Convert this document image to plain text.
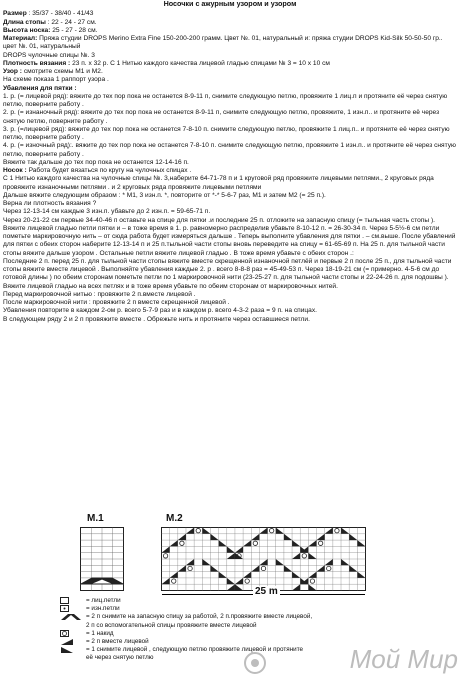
Носочки с ажурным узором и узором

Размер : 35/37 - 38/40 - 41/43

Длина стопы : 22 - 24 - 27 см.

Высота носка: 25 - 27 - 28 см.

Материал: Пряжа студии DROPS Merino Extra Fine 150-200-200 грамм. Цвет №. 01, натуральный и: пряжа студии DROPS Kid-Silk 50-50-50 гр.. цвет №. 01, натуральный

DROPS чулочные спицы №. 3

Плотность вязания : 23 п. х 32 р. С 1 Нитью каждого качества лицевой гладью спицами № 3 = 10 х 10 см

Узор : смотрите схемы М1 и М2.

На схеме показа 1 раппорт узора .

Убавления для пятки :

1. р. (= лицевой ряд): вяжите до тех пор пока не останется 8-9-11 п, снимите следующую петлю, провяжите 1 лиц.п и протяните её через снятую петлю, поверните работу .

2. р. (= изнаночный ряд): вяжите до тех пор пока не останется 8-9-11 п, снимите следующую петлю, провяжите, 1 изн.п.. и протяните её через снятую петлю, поверните работу .

3. р. (=лицевой ряд): вяжите до тех пор пока не останется 7-8-10 п. снимите следующую петлю, провяжите 1 лиц.п.. и протяните её через снятую петлю, поверните работу .

4. р. (= изночный ряд):. вяжите до тех пор пока не останется 7-8-10 п. снимите следующую петлю, провяжите 1 изн.п.. и протяните её через снятую петлю, поверните работу .

Вяжите так дальше до тех пор пока не останется 12-14-16 п.

Носок : Работа будет вязаться по кругу на чулочных спицах .

С 1 Нитью каждого качества на чулочные спицы №. 3,наберите 64-71-78 п и 1 круговой ряд провяжите лицевыми петлями., 2 круговых ряда провяжите изнаночными петлями . и 2 круговых ряда провяжите лицевыми петлями

Дальше вяжите следующим образом : * М1, 3 изн.п. *, повторите от *-* 5-6-7 раз, М1 и затем М2 (= 25 п.).

Верна ли плотность вязания ?

Через 12-13-14 см каждые 3 изн.п. убавьте до 2 изн.п. = 59-65-71 п.

Через 20-21-22 см первые 34-40-46 п оставьте на спице для пятки .и последние 25 п. отложите на запасную спицу (= тыльная часть стопы ).

Вяжите лицевой гладью петли пятки и – в тоже время в 1. р. равномерно распределив убавьте 8-10-12 п. = 26-30-34 п. Через 5-5½-6 см петли пометьте маркировочную нить – от сюда работа будет измеряться дальше . Теперь выполните убавления для пятки . – см.выше. После убавлений для пятки с обеих сторон наберите 12-13-14 п и 25 п.тыльной части стопы вновь переведите на спицу = 61-65-69 п. На 25 п. для тыльной части стопы вяжите дальше узором . Остальные петли вяжите лицевой гладью . В тоже время убавьте с обеих сторон .:

Последние 2 п. перед 25 п. для тыльной части стопы вяжите вместе скрещенной изнаночной петлёй и первые 2 п после 25 п., для тыльной части стопы вяжите вместе лицевой . Выполняйте убавления каждые 2. р . всего 8-8-8 раз = 45-49-53 п. Через 18-19-21 см (= примерно. 4-5-6 см до готовой длины ) по обеим сторонам пометьте петли по 1 маркировочной нити (23-25-27 п. для тыльной части стопы и 22-24-26 п. для подошвы ). Вяжите лицевой гладью на всех петлях и в тоже время убавьте по обеим сторонам от маркировочных нитей.

Перед маркировочной нитью : провяжите 2 п.вместе лицевой .

После маркировочной нити : провяжите 2 п вместе скрещенной лицевой .

Убавления повторите в каждом 2-ом р. всего 5-7-9 раз и в каждом р. всего 4-3-2 раза = 9 п. на спицах.

В следующем ряду 2 и 2 п провяжите вместе . Обрежьте нить и протяните через оставшиеся петли.

M.1	M.2
25 m
= лиц.петли
= изн.петли
= 2 п снимите на запасную спицу за работой, 2 п.провяжите вместе лицевой,
2 п со вспомогательной спицы провяжите вместе лицевой
= 1 накид
= 2 п вместе лицевой
= 1 снимите лицевой , следующую петлю провяжите лицевой и протяните
её через снятую петлю	Мой Мир
